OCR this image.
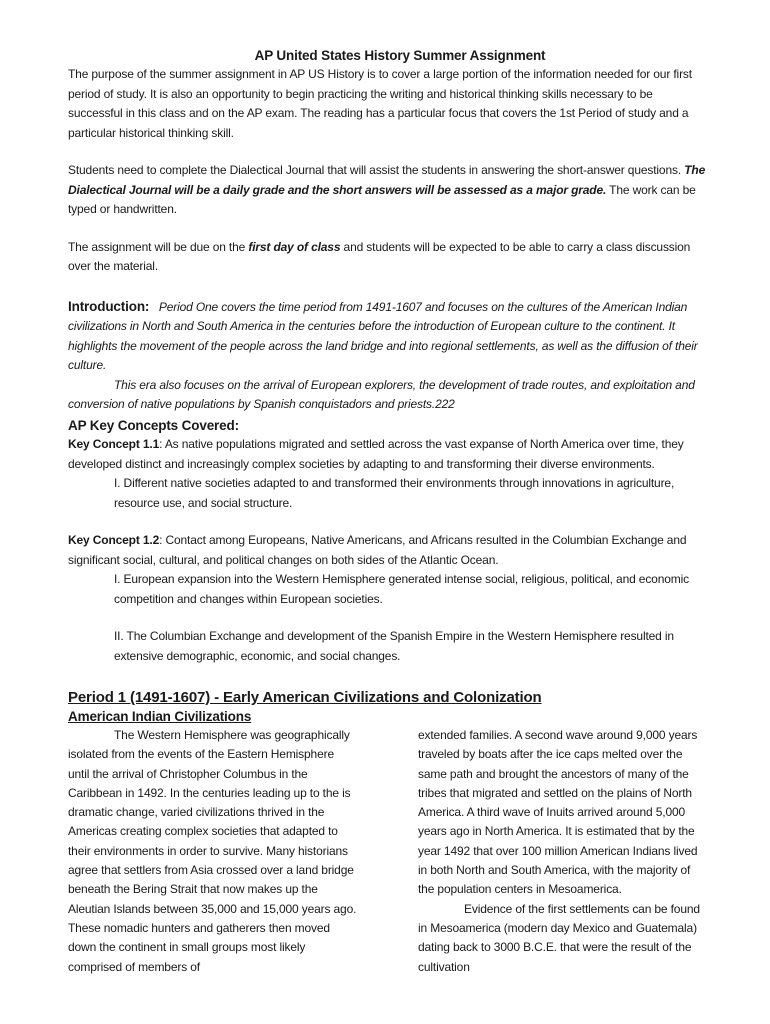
AP United States History Summer Assignment

The purpose of the summer assignment in AP US History is to cover a large portion of the information needed for our first period of study. It is also an opportunity to begin practicing the writing and historical thinking skills necessary to be successful in this class and on the AP exam. The reading has a particular focus that covers the 1st Period of study and a particular historical thinking skill.

Students need to complete the Dialectical Journal that will assist the students in answering the short-answer questions. The Dialectical Journal will be a daily grade and the short answers will be assessed as a major grade. The work can be typed or handwritten.

The assignment will be due on the first day of class and students will be expected to be able to carry a class discussion over the material.

Introduction: Period One covers the time period from 1491-1607 and focuses on the cultures of the American Indian civilizations in North and South America in the centuries before the introduction of European culture to the continent. It highlights the movement of the people across the land bridge and into regional settlements, as well as the diffusion of their culture.

This era also focuses on the arrival of European explorers, the development of trade routes, and exploitation and conversion of native populations by Spanish conquistadors and priests.222

AP Key Concepts Covered:

Key Concept 1.1: As native populations migrated and settled across the vast expanse of North America over time, they developed distinct and increasingly complex societies by adapting to and transforming their diverse environments.

I. Different native societies adapted to and transformed their environments through innovations in agriculture, resource use, and social structure.

Key Concept 1.2: Contact among Europeans, Native Americans, and Africans resulted in the Columbian Exchange and significant social, cultural, and political changes on both sides of the Atlantic Ocean.

I. European expansion into the Western Hemisphere generated intense social, religious, political, and economic competition and changes within European societies.

II. The Columbian Exchange and development of the Spanish Empire in the Western Hemisphere resulted in extensive demographic, economic, and social changes.

Period 1 (1491-1607) - Early American Civilizations and Colonization

American Indian Civilizations

The Western Hemisphere was geographically isolated from the events of the Eastern Hemisphere until the arrival of Christopher Columbus in the Caribbean in 1492. In the centuries leading up to the is dramatic change, varied civilizations thrived in the Americas creating complex societies that adapted to their environments in order to survive. Many historians agree that settlers from Asia crossed over a land bridge beneath the Bering Strait that now makes up the Aleutian Islands between 35,000 and 15,000 years ago. These nomadic hunters and gatherers then moved down the continent in small groups most likely comprised of members of

extended families. A second wave around 9,000 years traveled by boats after the ice caps melted over the same path and brought the ancestors of many of the tribes that migrated and settled on the plains of North America. A third wave of Inuits arrived around 5,000 years ago in North America. It is estimated that by the year 1492 that over 100 million American Indians lived in both North and South America, with the majority of the population centers in Mesoamerica.

Evidence of the first settlements can be found in Mesoamerica (modern day Mexico and Guatemala) dating back to 3000 B.C.E. that were the result of the cultivation
